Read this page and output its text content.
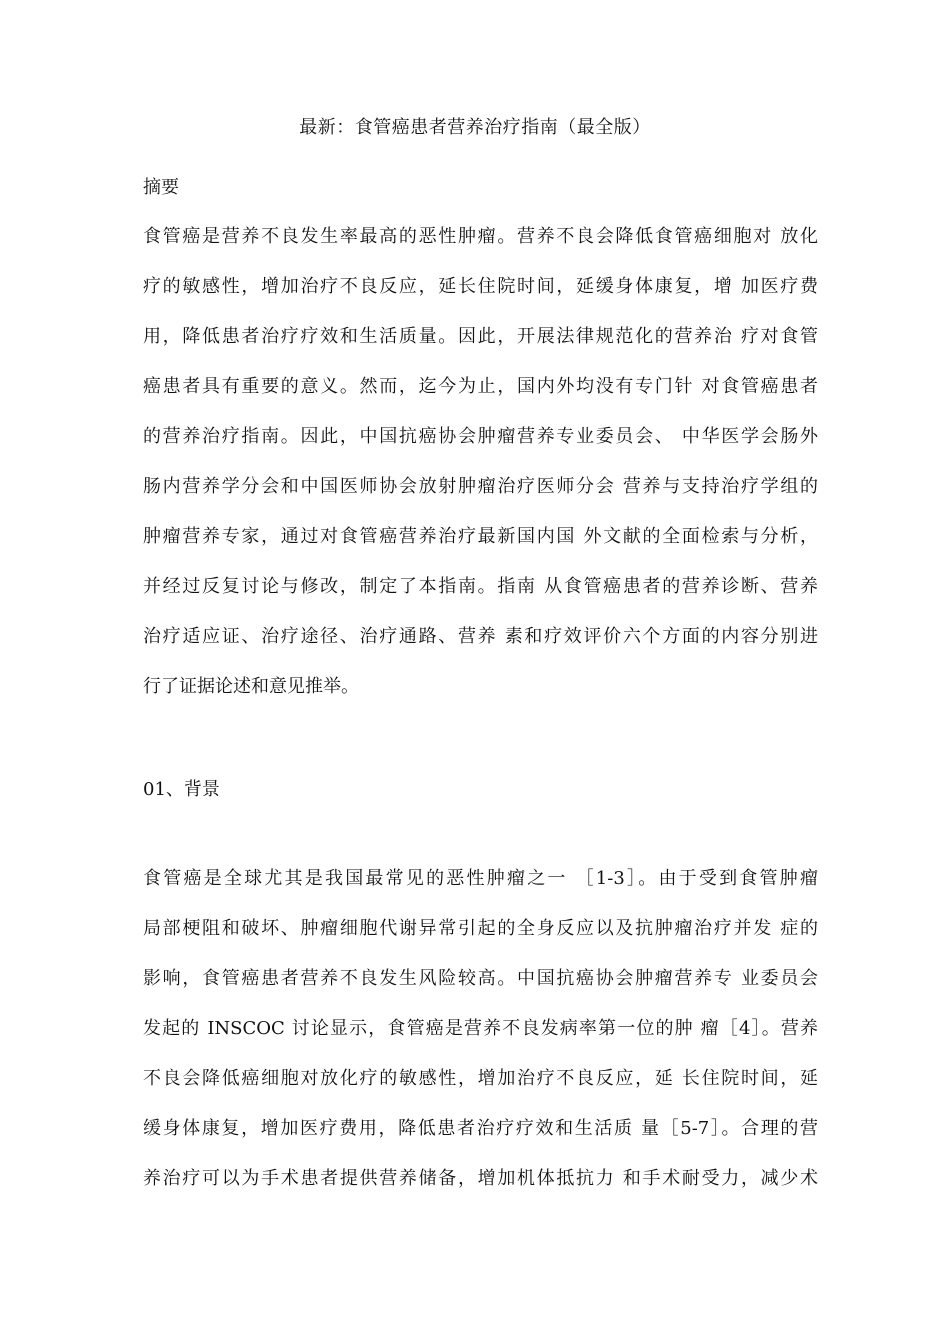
最新：食管癌患者营养治疗指南（最全版）
摘要
食管癌是营养不良发生率最高的恶性肿瘤。营养不良会降低食管癌细胞对 放化
疗的敏感性，增加治疗不良反应，延长住院时间，延缓身体康复，增 加医疗费
用，降低患者治疗疗效和生活质量。因此，开展法律规范化的营养治 疗对食管
癌患者具有重要的意义。然而，迄今为止，国内外均没有专门针 对食管癌患者
的营养治疗指南。因此，中国抗癌协会肿瘤营养专业委员会、 中华医学会肠外
肠内营养学分会和中国医师协会放射肿瘤治疗医师分会 营养与支持治疗学组的
肿瘤营养专家，通过对食管癌营养治疗最新国内国 外文献的全面检索与分析，
并经过反复讨论与修改，制定了本指南。指南 从食管癌患者的营养诊断、营养
治疗适应证、治疗途径、治疗通路、营养 素和疗效评价六个方面的内容分别进
行了证据论述和意见推举。
01、背景
食管癌是全球尤其是我国最常见的恶性肿瘤之一 ［1-3］。由于受到食管肿瘤
局部梗阻和破坏、肿瘤细胞代谢异常引起的全身反应以及抗肿瘤治疗并发 症的
影响，食管癌患者营养不良发生风险较高。中国抗癌协会肿瘤营养专 业委员会
发起的 INSCOC 讨论显示，食管癌是营养不良发病率第一位的肿 瘤［4］。营养
不良会降低癌细胞对放化疗的敏感性，增加治疗不良反应，延 长住院时间，延
缓身体康复，增加医疗费用，降低患者治疗疗效和生活质 量［5-7］。合理的营
养治疗可以为手术患者提供营养储备，增加机体抵抗力 和手术耐受力，减少术
